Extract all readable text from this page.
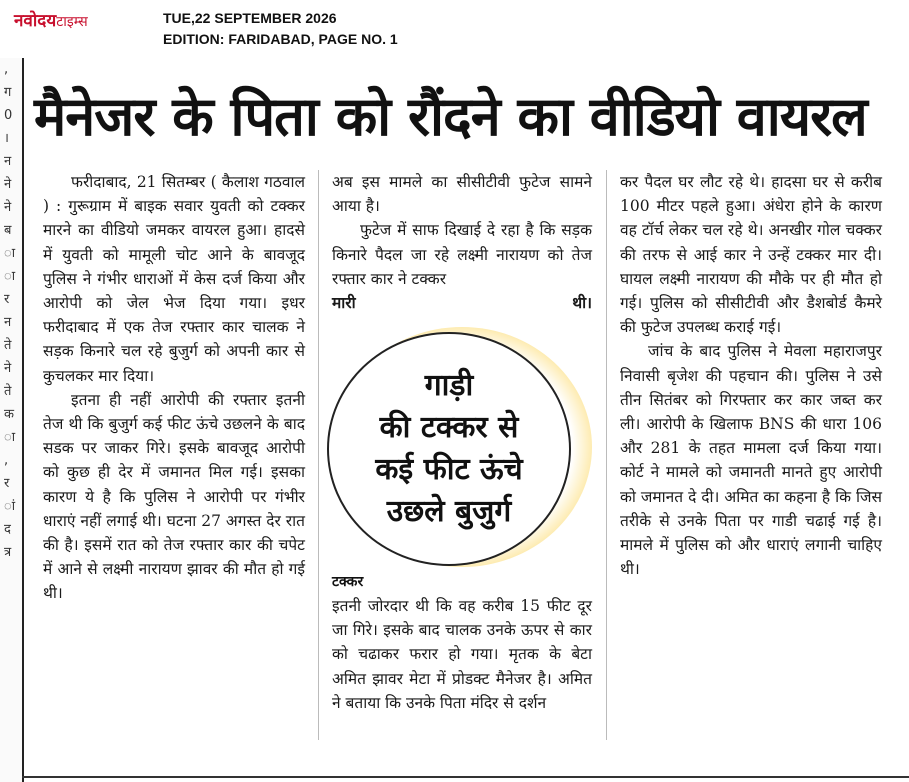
नवोदयटाइम्स	TUE,22 SEPTEMBER 2026
EDITION: FARIDABAD, PAGE NO. 1
,
ग
0
।
न
ने
ने
ब
ा
ा
र
न
ते
ने
ते
क
ा
,
र
ां
द
त्र
मैनेजर के पिता को रौंदने का वीडियो वायरल

फरीदाबाद, 21 सितम्बर ( कैलाश गठवाल ) : गुरूग्राम में बाइक सवार युवती को टक्कर मारने का वीडियो जमकर वायरल हुआ। हादसे में युवती को मामूली चोट आने के बावजूद पुलिस ने गंभीर धाराओं में केस दर्ज किया और आरोपी को जेल भेज दिया गया। इधर फरीदाबाद में एक तेज रफ्तार कार चालक ने सड़क किनारे चल रहे बुजुर्ग को अपनी कार से कुचलकर मार दिया।

इतना ही नहीं आरोपी की रफ्तार इतनी तेज थी कि बुजुर्ग कई फीट ऊंचे उछलने के बाद सडक पर जाकर गिरे। इसके बावजूद आरोपी को कुछ ही देर में जमानत मिल गई। इसका कारण ये है कि पुलिस ने आरोपी पर गंभीर धाराएं नहीं लगाई थी। घटना 27 अगस्त देर रात की है। इसमें रात को तेज रफ्तार कार की चपेट में आने से लक्ष्मी नारायण झावर की मौत हो गई थी।

अब इस मामले का सीसीटीवी फुटेज सामने आया है।

फुटेज में साफ दिखाई दे रहा है कि सड़क किनारे पैदल जा रहे लक्ष्मी नारायण को तेज रफ्तार कार ने टक्कर

मारी	थी।
गाड़ी
की टक्कर से
कई फीट ऊंचे
उछले बुजुर्ग
टक्कर

इतनी जोरदार थी कि वह करीब 15 फीट दूर जा गिरे। इसके बाद चालक उनके ऊपर से कार को चढाकर फरार हो गया। मृतक के बेटा अमित झावर मेटा में प्रोडक्ट मैनेजर है। अमित ने बताया कि उनके पिता मंदिर से दर्शन

कर पैदल घर लौट रहे थे। हादसा घर से करीब 100 मीटर पहले हुआ। अंधेरा होने के कारण वह टॉर्च लेकर चल रहे थे। अनखीर गोल चक्कर की तरफ से आई कार ने उन्हें टक्कर मार दी। घायल लक्ष्मी नारायण की मौके पर ही मौत हो गई। पुलिस को सीसीटीवी और डैशबोर्ड कैमरे की फुटेज उपलब्ध कराई गई।

जांच के बाद पुलिस ने मेवला महाराजपुर निवासी बृजेश की पहचान की। पुलिस ने उसे तीन सितंबर को गिरफ्तार कर कार जब्त कर ली। आरोपी के खिलाफ BNS की धारा 106 और 281 के तहत मामला दर्ज किया गया। कोर्ट ने मामले को जमानती मानते हुए आरोपी को जमानत दे दी। अमित का कहना है कि जिस तरीके से उनके पिता पर गाडी चढाई गई है। मामले में पुलिस को और धाराएं लगानी चाहिए थी।
